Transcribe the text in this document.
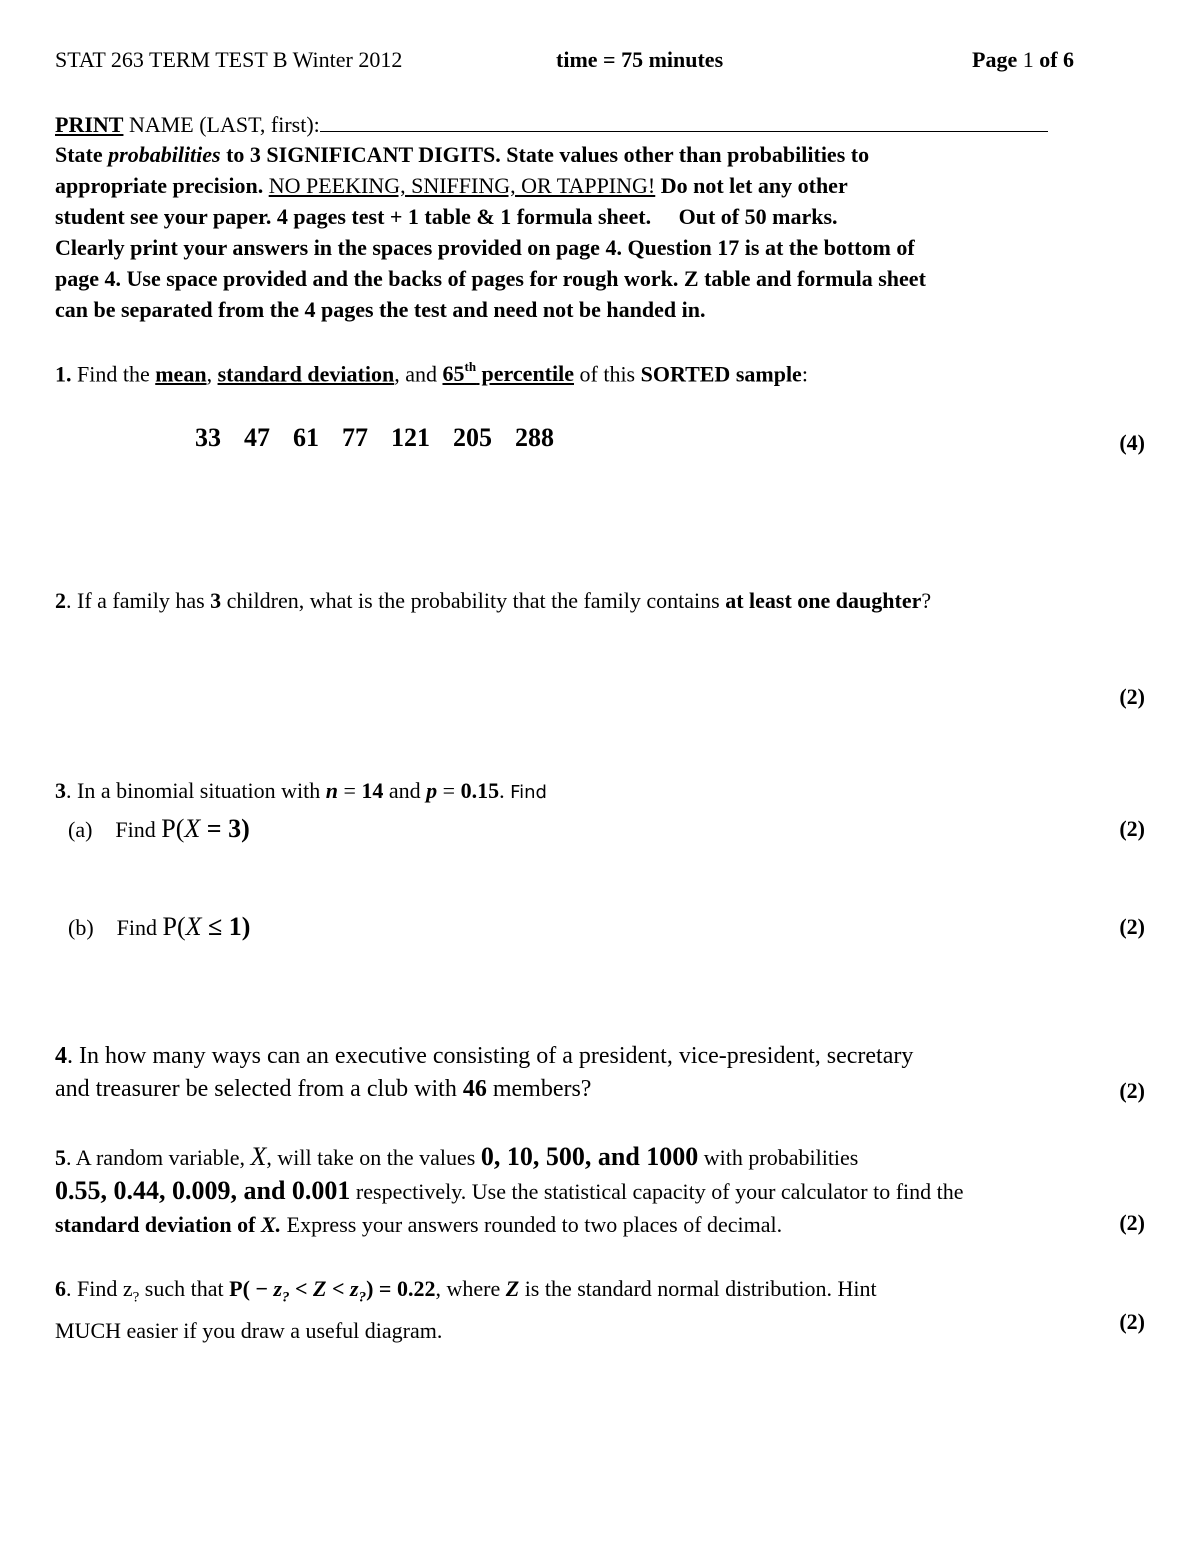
STAT 263 TERM TEST B Winter 2012	time = 75 minutes	Page 1 of 6
PRINT NAME (LAST, first):
State probabilities to 3 SIGNIFICANT DIGITS. State values other than probabilities to
appropriate precision. NO PEEKING, SNIFFING, OR TAPPING! Do not let any other
student see your paper. 4 pages test + 1 table & 1 formula sheet.     Out of 50 marks.
Clearly print your answers in the spaces provided on page 4. Question 17 is at the bottom of
page 4. Use space provided and the backs of pages for rough work. Z table and formula sheet
can be separated from the 4 pages the test and need not be handed in.
1. Find the mean, standard deviation, and 65th percentile of this SORTED sample:
33 47 61 77 121 205 288	(4)
2. If a family has 3 children, what is the probability that the family contains at least one daughter?
(2)
3. In a binomial situation with n = 14 and p = 0.15. Find
(a) Find P(X = 3)	(2)
(b) Find P(X ≤ 1)	(2)
4. In how many ways can an executive consisting of a president, vice-president, secretary
and treasurer be selected from a club with 46 members?	(2)
5. A random variable, X, will take on the values 0, 10, 500, and 1000 with probabilities
0.55, 0.44, 0.009, and 0.001 respectively. Use the statistical capacity of your calculator to find the
standard deviation of X. Express your answers rounded to two places of decimal.	(2)
6. Find $z_?$ such that $P( - z_? < Z < z_?) = 0.22$, where Z is the standard normal distribution. Hint
MUCH easier if you draw a useful diagram.	(2)
